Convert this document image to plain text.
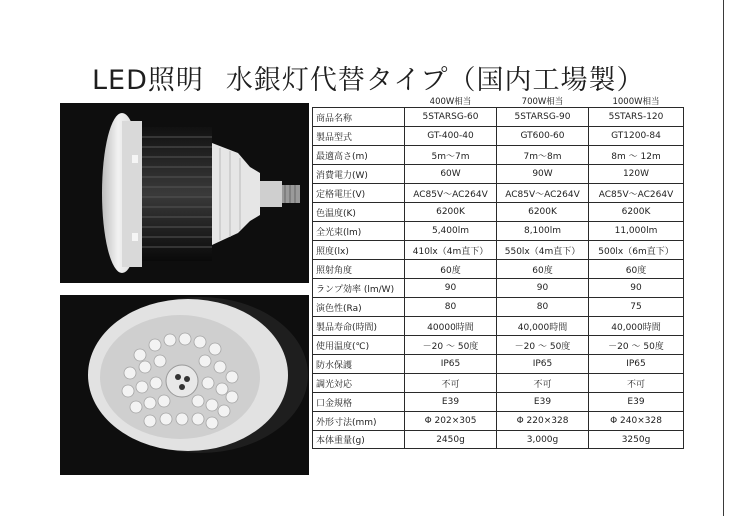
LED照明 水銀灯代替タイプ（国内工場製）
	400W相当	700W相当	1000W相当
商品名称	5STARSG-60	5STARSG-90	5STARS-120
製品型式	GT-400-40	GT600-60	GT1200-84
最適高さ(m)	5m〜7m	7m〜8m	8m 〜 12m
消費電力(W)	60W	90W	120W
定格電圧(V)	AC85V〜AC264V	AC85V〜AC264V	AC85V〜AC264V
色温度(K)	6200K	6200K	6200K
全光束(lm)	5,400lm	8,100lm	11,000lm
照度(lx)	410lx（4m直下）	550lx（4m直下）	500lx（6m直下）
照射角度	60度	60度	60度
ランプ効率 (lm/W)	90	90	90
演色性(Ra)	80	80	75
製品寿命(時間)	40000時間	40,000時間	40,000時間
使用温度(℃)	－20 〜 50度	－20 〜 50度	－20 〜 50度
防水保護	IP65	IP65	IP65
調光対応	不可	不可	不可
口金規格	E39	E39	E39
外形寸法(mm)	Φ 202×305	Φ 220×328	Φ 240×328
本体重量(g)	2450g	3,000g	3250g
